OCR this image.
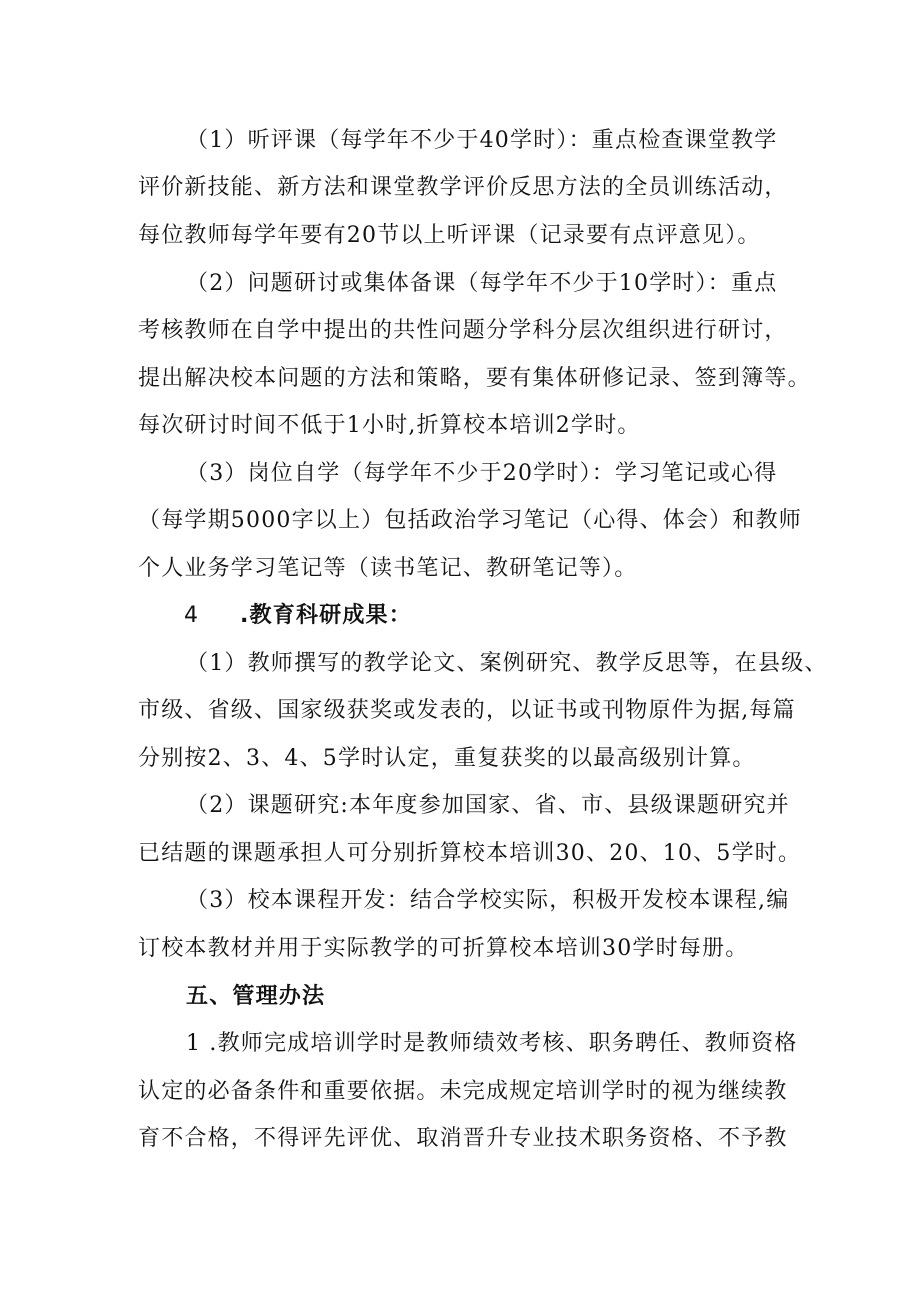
（1）听评课（每学年不少于40学时）：重点检查课堂教学
评价新技能、新方法和课堂教学评价反思方法的全员训练活动，
每位教师每学年要有20节以上听评课（记录要有点评意见）。
（2）问题研讨或集体备课（每学年不少于10学时）：重点
考核教师在自学中提出的共性问题分学科分层次组织进行研讨，
提出解决校本问题的方法和策略，要有集体研修记录、签到簿等。
每次研讨时间不低于1小时,折算校本培训2学时。
（3）岗位自学（每学年不少于20学时）：学习笔记或心得
（每学期5000字以上）包括政治学习笔记（心得、体会）和教师
个人业务学习笔记等（读书笔记、教研笔记等）。
4 .教育科研成果：
（1）教师撰写的教学论文、案例研究、教学反思等，在县级、
市级、省级、国家级获奖或发表的，以证书或刊物原件为据,每篇
分别按2、3、4、5学时认定，重复获奖的以最高级别计算。
（2）课题研究:本年度参加国家、省、市、县级课题研究并
已结题的课题承担人可分别折算校本培训30、20、10、5学时。
（3）校本课程开发：结合学校实际，积极开发校本课程,编
订校本教材并用于实际教学的可折算校本培训30学时每册。
五、管理办法
1 .教师完成培训学时是教师绩效考核、职务聘任、教师资格
认定的必备条件和重要依据。未完成规定培训学时的视为继续教
育不合格，不得评先评优、取消晋升专业技术职务资格、不予教
